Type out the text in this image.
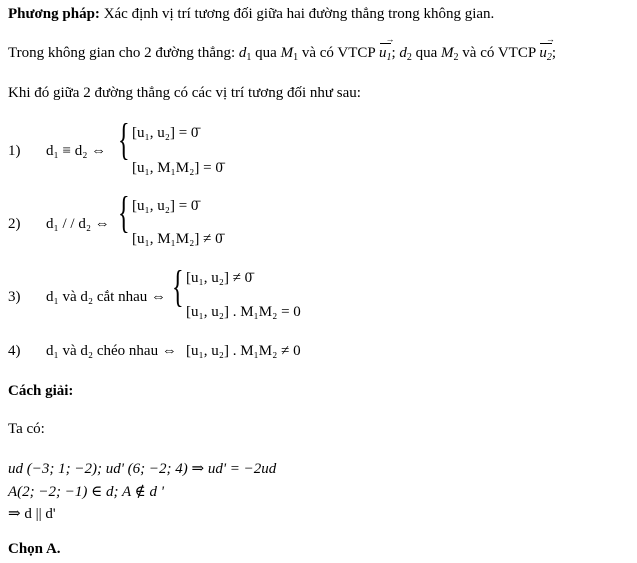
Phương pháp: Xác định vị trí tương đối giữa hai đường thẳng trong không gian.
Trong không gian cho 2 đường thẳng: $d_1$ qua $M_1$ và có VTCP $u_1$ →; $d_2$ qua $M_2$ và có VTCP $u_2$ →;
Khi đó giữa 2 đường thẳng có các vị trí tương đối như sau:
1) d₁ ≡ d₂ ⇔ { [u₁, u₂] = 0̄
[u₁, M₁M₂] = 0̄
2) d₁ / / d₂ ⇔ { [u₁, u₂] = 0̄
[u₁, M₁M₂] ≠ 0̄
3) d₁ và d₂ cắt nhau ⇔ { [u₁, u₂] ≠ 0̄
[u₁, u₂] . M₁M₂ = 0
4) d₁ và d₂ chéo nhau ⇔ [u₁, u₂] . M₁M₂ ≠ 0
Cách giải:
Ta có:
ud (−3; 1; −2); ud' (6; −2; 4) ⇒ ud' = −2ud
A(2; −2; −1) ∈ d; A ∉ d '
⇒ d || d'
Chọn A.
